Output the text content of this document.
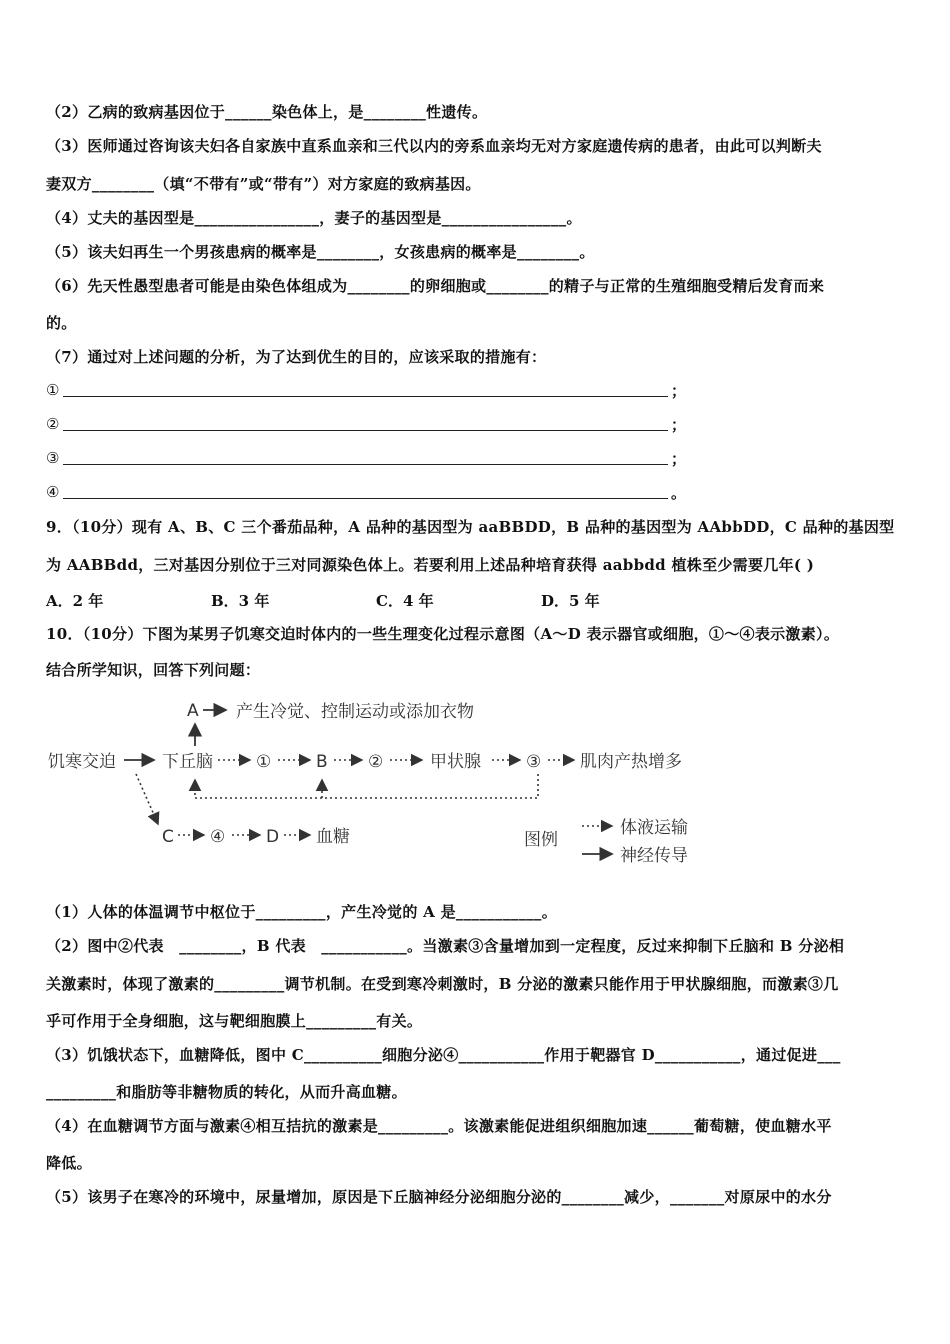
（2）乙病的致病基因位于______染色体上，是________性遗传。
（3）医师通过咨询该夫妇各自家族中直系血亲和三代以内的旁系血亲均无对方家庭遗传病的患者，由此可以判断夫
妻双方________（填“不带有”或“带有”）对方家庭的致病基因。
（4）丈夫的基因型是________________，妻子的基因型是________________。
（5）该夫妇再生一个男孩患病的概率是________，女孩患病的概率是________。
（6）先天性愚型患者可能是由染色体组成为________的卵细胞或________的精子与正常的生殖细胞受精后发育而来
的。
（7）通过对上述问题的分析，为了达到优生的目的，应该采取的措施有：
①	；
②	；
③	；
④	。
9．（10分）现有 A、B、C 三个番茄品种，A 品种的基因型为 aaBBDD，B 品种的基因型为 AAbbDD，C 品种的基因型
为 AABBdd，三对基因分别位于三对同源染色体上。若要利用上述品种培育获得 aabbdd 植株至少需要几年( )
A．2 年	B．3 年	C．4 年	D．5 年
10．（10分）下图为某男子饥寒交迫时体内的一些生理变化过程示意图（A～D 表示器官或细胞，①～④表示激素）。
结合所学知识，回答下列问题：
A 产生冷觉、控制运动或添加衣物
饥寒交迫	下丘脑	①	B ②	甲状腺	③ 肌肉产热增多
C ④ D 血糖	图例
体液运输
神经传导
（1）人体的体温调节中枢位于_________，产生冷觉的 A 是___________。
（2）图中②代表　________，B 代表　___________。当激素③含量增加到一定程度，反过来抑制下丘脑和 B 分泌相
关激素时，体现了激素的_________调节机制。在受到寒冷刺激时，B 分泌的激素只能作用于甲状腺细胞，而激素③几
乎可作用于全身细胞，这与靶细胞膜上_________有关。
（3）饥饿状态下，血糖降低，图中 C__________细胞分泌④___________作用于靶器官 D___________，通过促进___
_________和脂肪等非糖物质的转化，从而升高血糖。
（4）在血糖调节方面与激素④相互拮抗的激素是_________。该激素能促进组织细胞加速______葡萄糖，使血糖水平
降低。
（5）该男子在寒冷的环境中，尿量增加，原因是下丘脑神经分泌细胞分泌的________减少，_______对原尿中的水分
